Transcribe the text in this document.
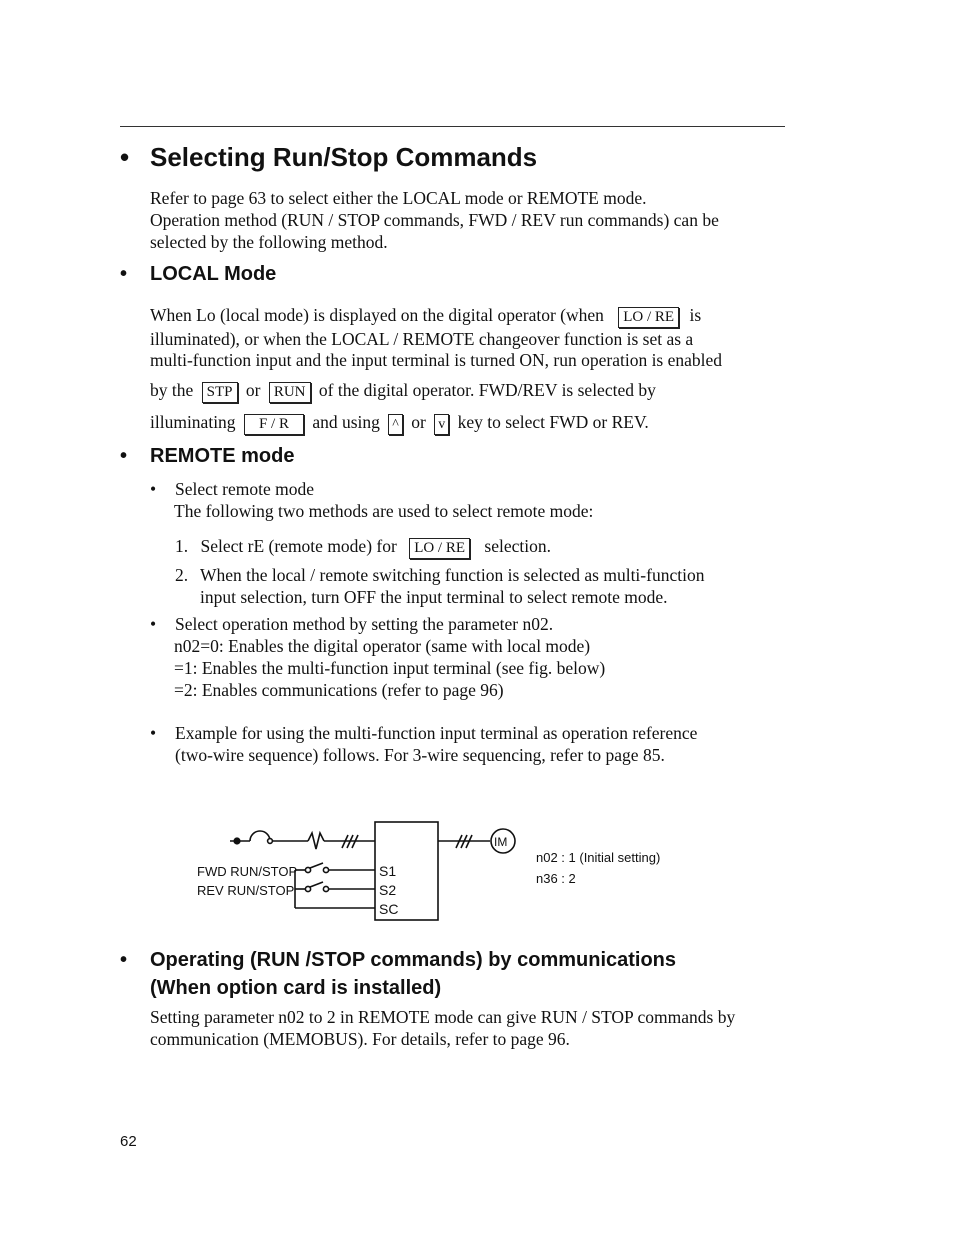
• Selecting Run/Stop Commands
Refer to page 63 to select either the LOCAL mode or REMOTE mode.
Operation method (RUN / STOP commands, FWD / REV run commands) can be
selected by the following method.
• LOCAL Mode
When Lo (local mode) is displayed on the digital operator (when LO / RE is
illuminated), or when the LOCAL / REMOTE changeover function is set as a
multi-function input and the input terminal is turned ON, run operation is enabled
by the STP or RUN of the digital operator. FWD/REV is selected by
illuminating F / R and using ^ or v key to select FWD or REV.
• REMOTE mode
• Select remote mode
The following two methods are used to select remote mode:
1. Select rE (remote mode) for LO / RE selection.
2. When the local / remote switching function is selected as multi-function
input selection, turn OFF the input terminal to select remote mode.
• Select operation method by setting the parameter n02.
n02=0: Enables the digital operator (same with local mode)
=1: Enables the multi-function input terminal (see fig. below)
=2: Enables communications (refer to page 96)
• Example for using the multi-function input terminal as operation reference
(two-wire sequence) follows. For 3-wire sequencing, refer to page 85.
FWD RUN/STOP
REV RUN/STOP
S1
S2
SC
IM
n02 : 1 (Initial setting)
n36 : 2
• Operating (RUN /STOP commands) by communications
(When option card is installed)
Setting parameter n02 to 2 in REMOTE mode can give RUN / STOP commands by
communication (MEMOBUS). For details, refer to page 96.
62
